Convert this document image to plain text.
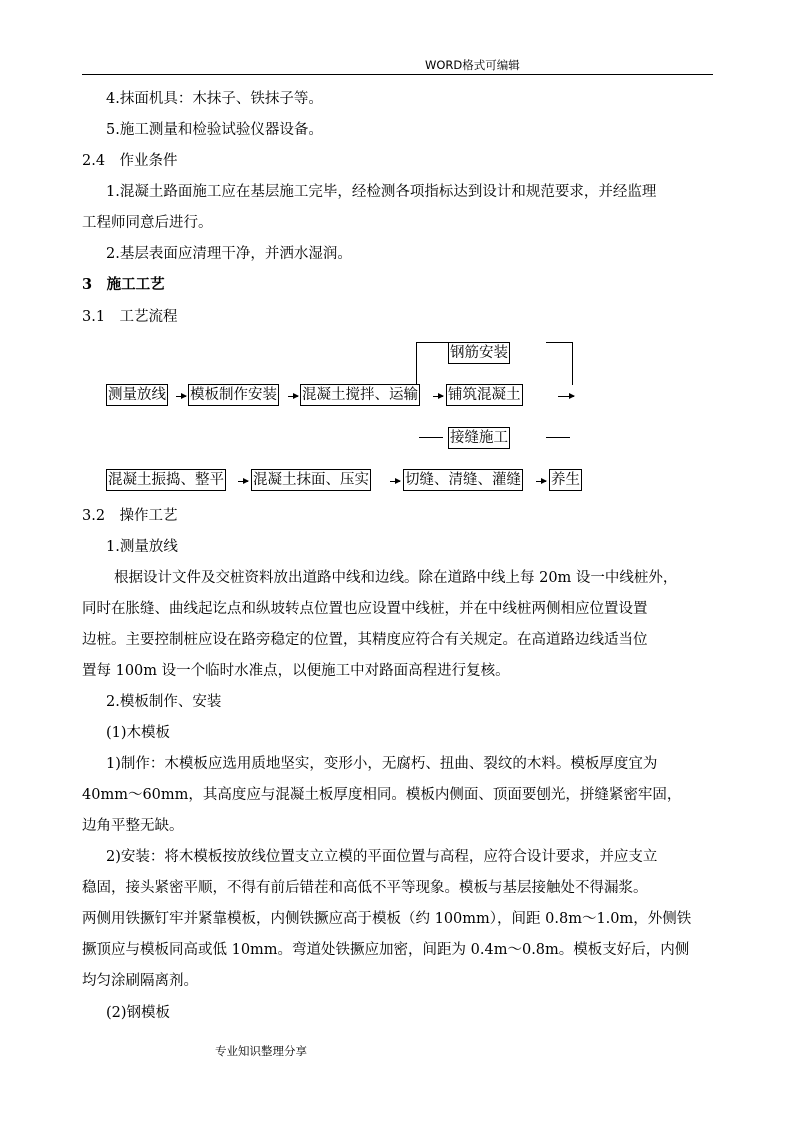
WORD格式可编辑
4.抹面机具：木抹子、铁抹子等。
5.施工测量和检验试验仪器设备。
2.4　作业条件
1.混凝土路面施工应在基层施工完毕，经检测各项指标达到设计和规范要求，并经监理
工程师同意后进行。
2.基层表面应清理干净，并洒水湿润。
3　施工工艺
3.1　工艺流程
钢筋安装
测量放线 模板制作安装 混凝土搅拌、运输 铺筑混凝土
接缝施工
混凝土振捣、整平 混凝土抹面、压实 切缝、清缝、灌缝 养生
3.2　操作工艺
1.测量放线
根据设计文件及交桩资料放出道路中线和边线。除在道路中线上每 20m 设一中线桩外，
同时在胀缝、曲线起讫点和纵坡转点位置也应设置中线桩，并在中线桩两侧相应位置设置
边桩。主要控制桩应设在路旁稳定的位置，其精度应符合有关规定。在高道路边线适当位
置每 100m 设一个临时水准点，以便施工中对路面高程进行复核。
2.模板制作、安装
(1)木模板
1)制作：木模板应选用质地坚实，变形小，无腐朽、扭曲、裂纹的木料。模板厚度宜为
40mm～60mm，其高度应与混凝土板厚度相同。模板内侧面、顶面要刨光，拼缝紧密牢固，
边角平整无缺。
2)安装：将木模板按放线位置支立立模的平面位置与高程，应符合设计要求，并应支立
稳固，接头紧密平顺，不得有前后错茬和高低不平等现象。模板与基层接触处不得漏浆。
两侧用铁撅钉牢并紧靠模板，内侧铁撅应高于模板（约 100mm），间距 0.8m～1.0m，外侧铁
撅顶应与模板同高或低 10mm。弯道处铁撅应加密，间距为 0.4m～0.8m。模板支好后，内侧
均匀涂刷隔离剂。
(2)钢模板
专业知识整理分享
